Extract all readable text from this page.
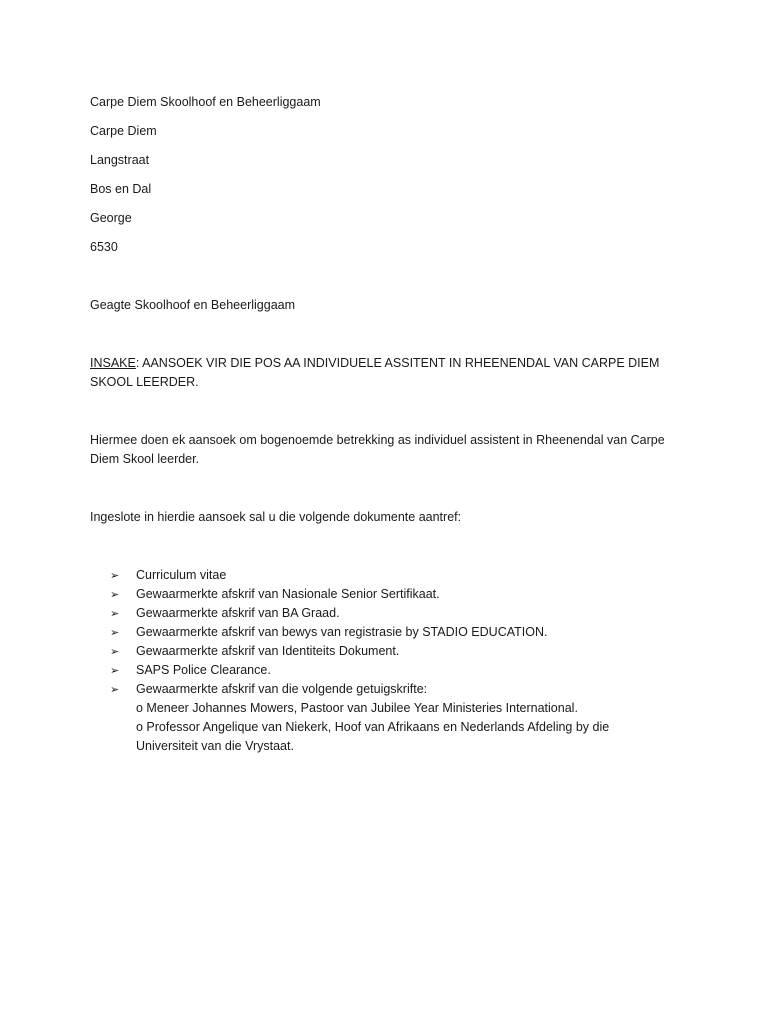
Carpe Diem Skoolhoof en Beheerliggaam
Carpe Diem
Langstraat
Bos en Dal
George
6530
Geagte Skoolhoof en Beheerliggaam
INSAKE: AANSOEK VIR DIE POS AA INDIVIDUELE ASSITENT IN RHEENENDAL VAN CARPE DIEM SKOOL LEERDER.
Hiermee doen ek aansoek om bogenoemde betrekking as individuel assistent in Rheenendal van Carpe Diem Skool leerder.
Ingeslote in hierdie aansoek sal u die volgende dokumente aantref:
➢ Curriculum vitae
➢ Gewaarmerkte afskrif van Nasionale Senior Sertifikaat.
➢ Gewaarmerkte afskrif van BA Graad.
➢ Gewaarmerkte afskrif van bewys van registrasie by STADIO EDUCATION.
➢ Gewaarmerkte afskrif van Identiteits Dokument.
➢ SAPS Police Clearance.
➢ Gewaarmerkte afskrif van die volgende getuigskrifte:
o Meneer Johannes Mowers, Pastoor van Jubilee Year Ministeries International.
o Professor Angelique van Niekerk, Hoof van Afrikaans en Nederlands Afdeling by die Universiteit van die Vrystaat.
